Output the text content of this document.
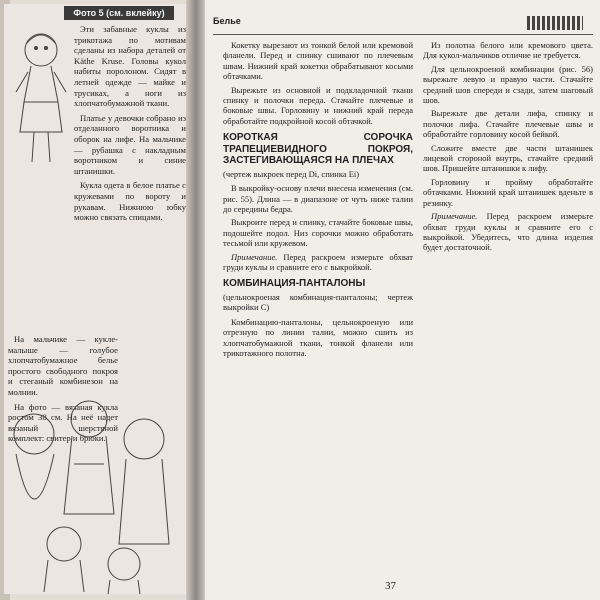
Фото 5 (см. вклейку)

Эти забавные куклы из трикотажа по мотивам сделаны из набора деталей от Käthe Kruse. Головы кукол набиты поролоном. Сидят в летней одежде — майке и трусиках, а ноги из хлопчатобумажной ткани.

Платье у девочки собрано из отделанного воротника и оборок на лифе. На мальчике — рубашка с накладным воротником и синие штанишки.

Кукла одета в белое платье с кружевами по вороту и рукавам. Нижнюю юбку можно связать спицами.

На мальчике — кукле-малыше — голубое хлопчатобумажное белье простого свободного покроя и стеганый комбинезон на молнии.

На фото — вязаная кукла ростом 38 см. На неё надет вязаный шерстяной комплект: свитер и брюки.

Белье

Кокетку вырезают из тонкой белой или кремовой фланели. Перед и спинку сшивают по плечевым швам. Нижний край кокетки обрабатывают косыми обтачками.

Вырежьте из основной и подкладочной ткани спинку и полочки переда. Стачайте плечевые и боковые швы. Горловину и нижний край переда обработайте подкройной косой обтачкой.

КОРОТКАЯ СОРОЧКА ТРАПЕЦИЕВИДНОГО ПОКРОЯ, ЗАСТЕГИВАЮЩАЯСЯ НА ПЛЕЧАХ
(чертеж выкроек перед Di, спинка Ei)

В выкройку-основу плечи внесена изменения (см. рис. 55). Длина — в диапазоне от чуть ниже талии до середины бедра.

Выкроите перед и спинку, стачайте боковые швы, подошейте подол. Низ сорочки можно обработать тесьмой или кружевом.

Примечание. Перед раскроем измерьте обхват груди куклы и сравните его с выкройкой.

КОМБИНАЦИЯ-ПАНТАЛОНЫ
(цельнокроеная комбинация-панталоны; чертеж выкройки С)

Комбинацию-панталоны, цельнокроеную или отрезную по линии талии, можно сшить из хлопчатобумажной ткани, тонкой фланели или трикотажного полотна.

Из полотна белого или кремового цвета. Для кукол-мальчиков отличие не требуется.

Для цельнокроеной комбинации (рис. 56) вырежьте левую и правую части. Стачайте средний шов спереди и сзади, затем шаговый шов.

Вырежьте две детали лифа, спинку и полочки лифа. Стачайте плечевые швы и обработайте горловину косой бейкой.

Сложите вместе две части штанишек лицевой стороной внутрь, стачайте средний шов. Пришейте штанишки к лифу.

Горловину и пройму обработайте обтачками. Нижний край штанишек вденьте в резинку.

Примечание. Перед раскроем измерьте обхват груди куклы и сравните его с выкройкой. Убедитесь, что длина изделия будет достаточной.

37
